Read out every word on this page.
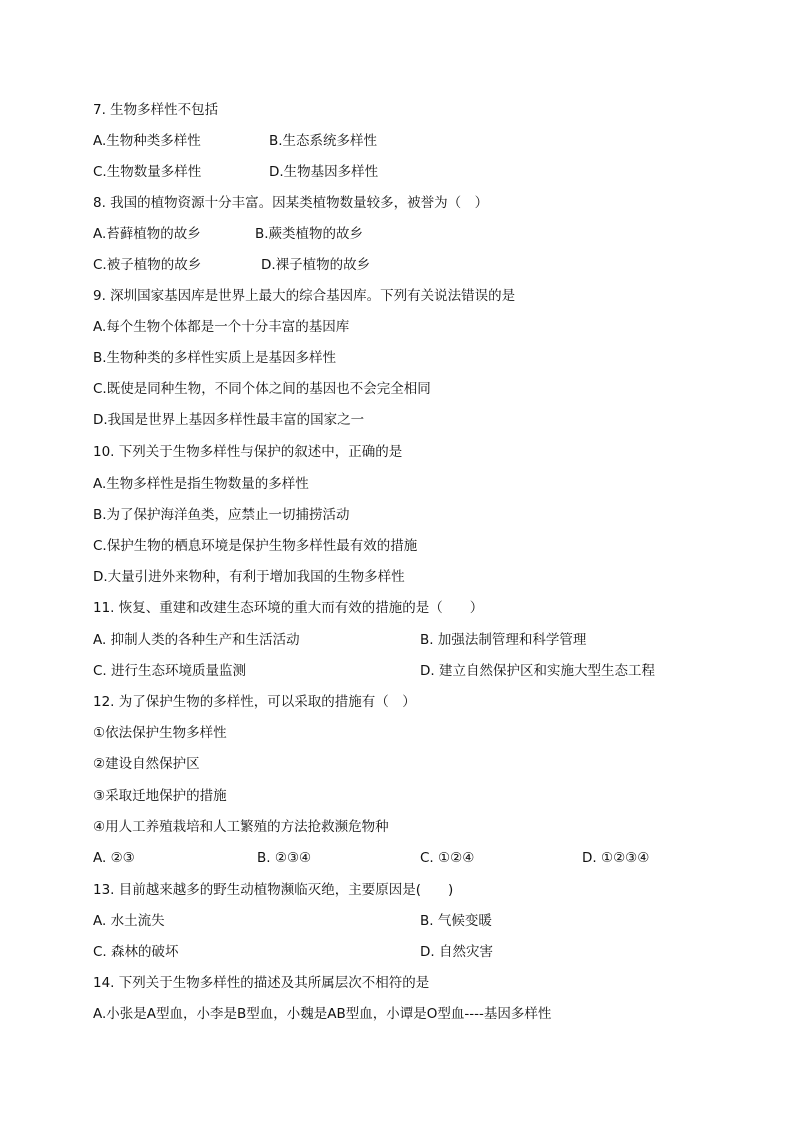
7. 生物多样性不包括
A.生物种类多样性	B.生态系统多样性
C.生物数量多样性	D.生物基因多样性
8. 我国的植物资源十分丰富。因某类植物数量较多，被誉为（　）
A.苔藓植物的故乡	B.蕨类植物的故乡
C.被子植物的故乡	D.裸子植物的故乡
9. 深圳国家基因库是世界上最大的综合基因库。下列有关说法错误的是
A.每个生物个体都是一个十分丰富的基因库
B.生物种类的多样性实质上是基因多样性
C.既使是同种生物，不同个体之间的基因也不会完全相同
D.我国是世界上基因多样性最丰富的国家之一
10. 下列关于生物多样性与保护的叙述中，正确的是
A.生物多样性是指生物数量的多样性
B.为了保护海洋鱼类，应禁止一切捕捞活动
C.保护生物的栖息环境是保护生物多样性最有效的措施
D.大量引进外来物种，有利于增加我国的生物多样性
11. 恢复、重建和改建生态环境的重大而有效的措施的是（　　）
A. 抑制人类的各种生产和生活活动	B. 加强法制管理和科学管理
C. 进行生态环境质量监测	D. 建立自然保护区和实施大型生态工程
12. 为了保护生物的多样性，可以采取的措施有（　）
①依法保护生物多样性
②建设自然保护区
③采取迁地保护的措施
④用人工养殖栽培和人工繁殖的方法抢救濒危物种
A. ②③	B. ②③④	C. ①②④	D. ①②③④
13. 目前越来越多的野生动植物濒临灭绝，主要原因是(　　)
A. 水土流失	B. 气候变暖
C. 森林的破坏	D. 自然灾害
14. 下列关于生物多样性的描述及其所属层次不相符的是
A.小张是A型血，小李是B型血，小魏是AB型血，小谭是O型血----基因多样性
